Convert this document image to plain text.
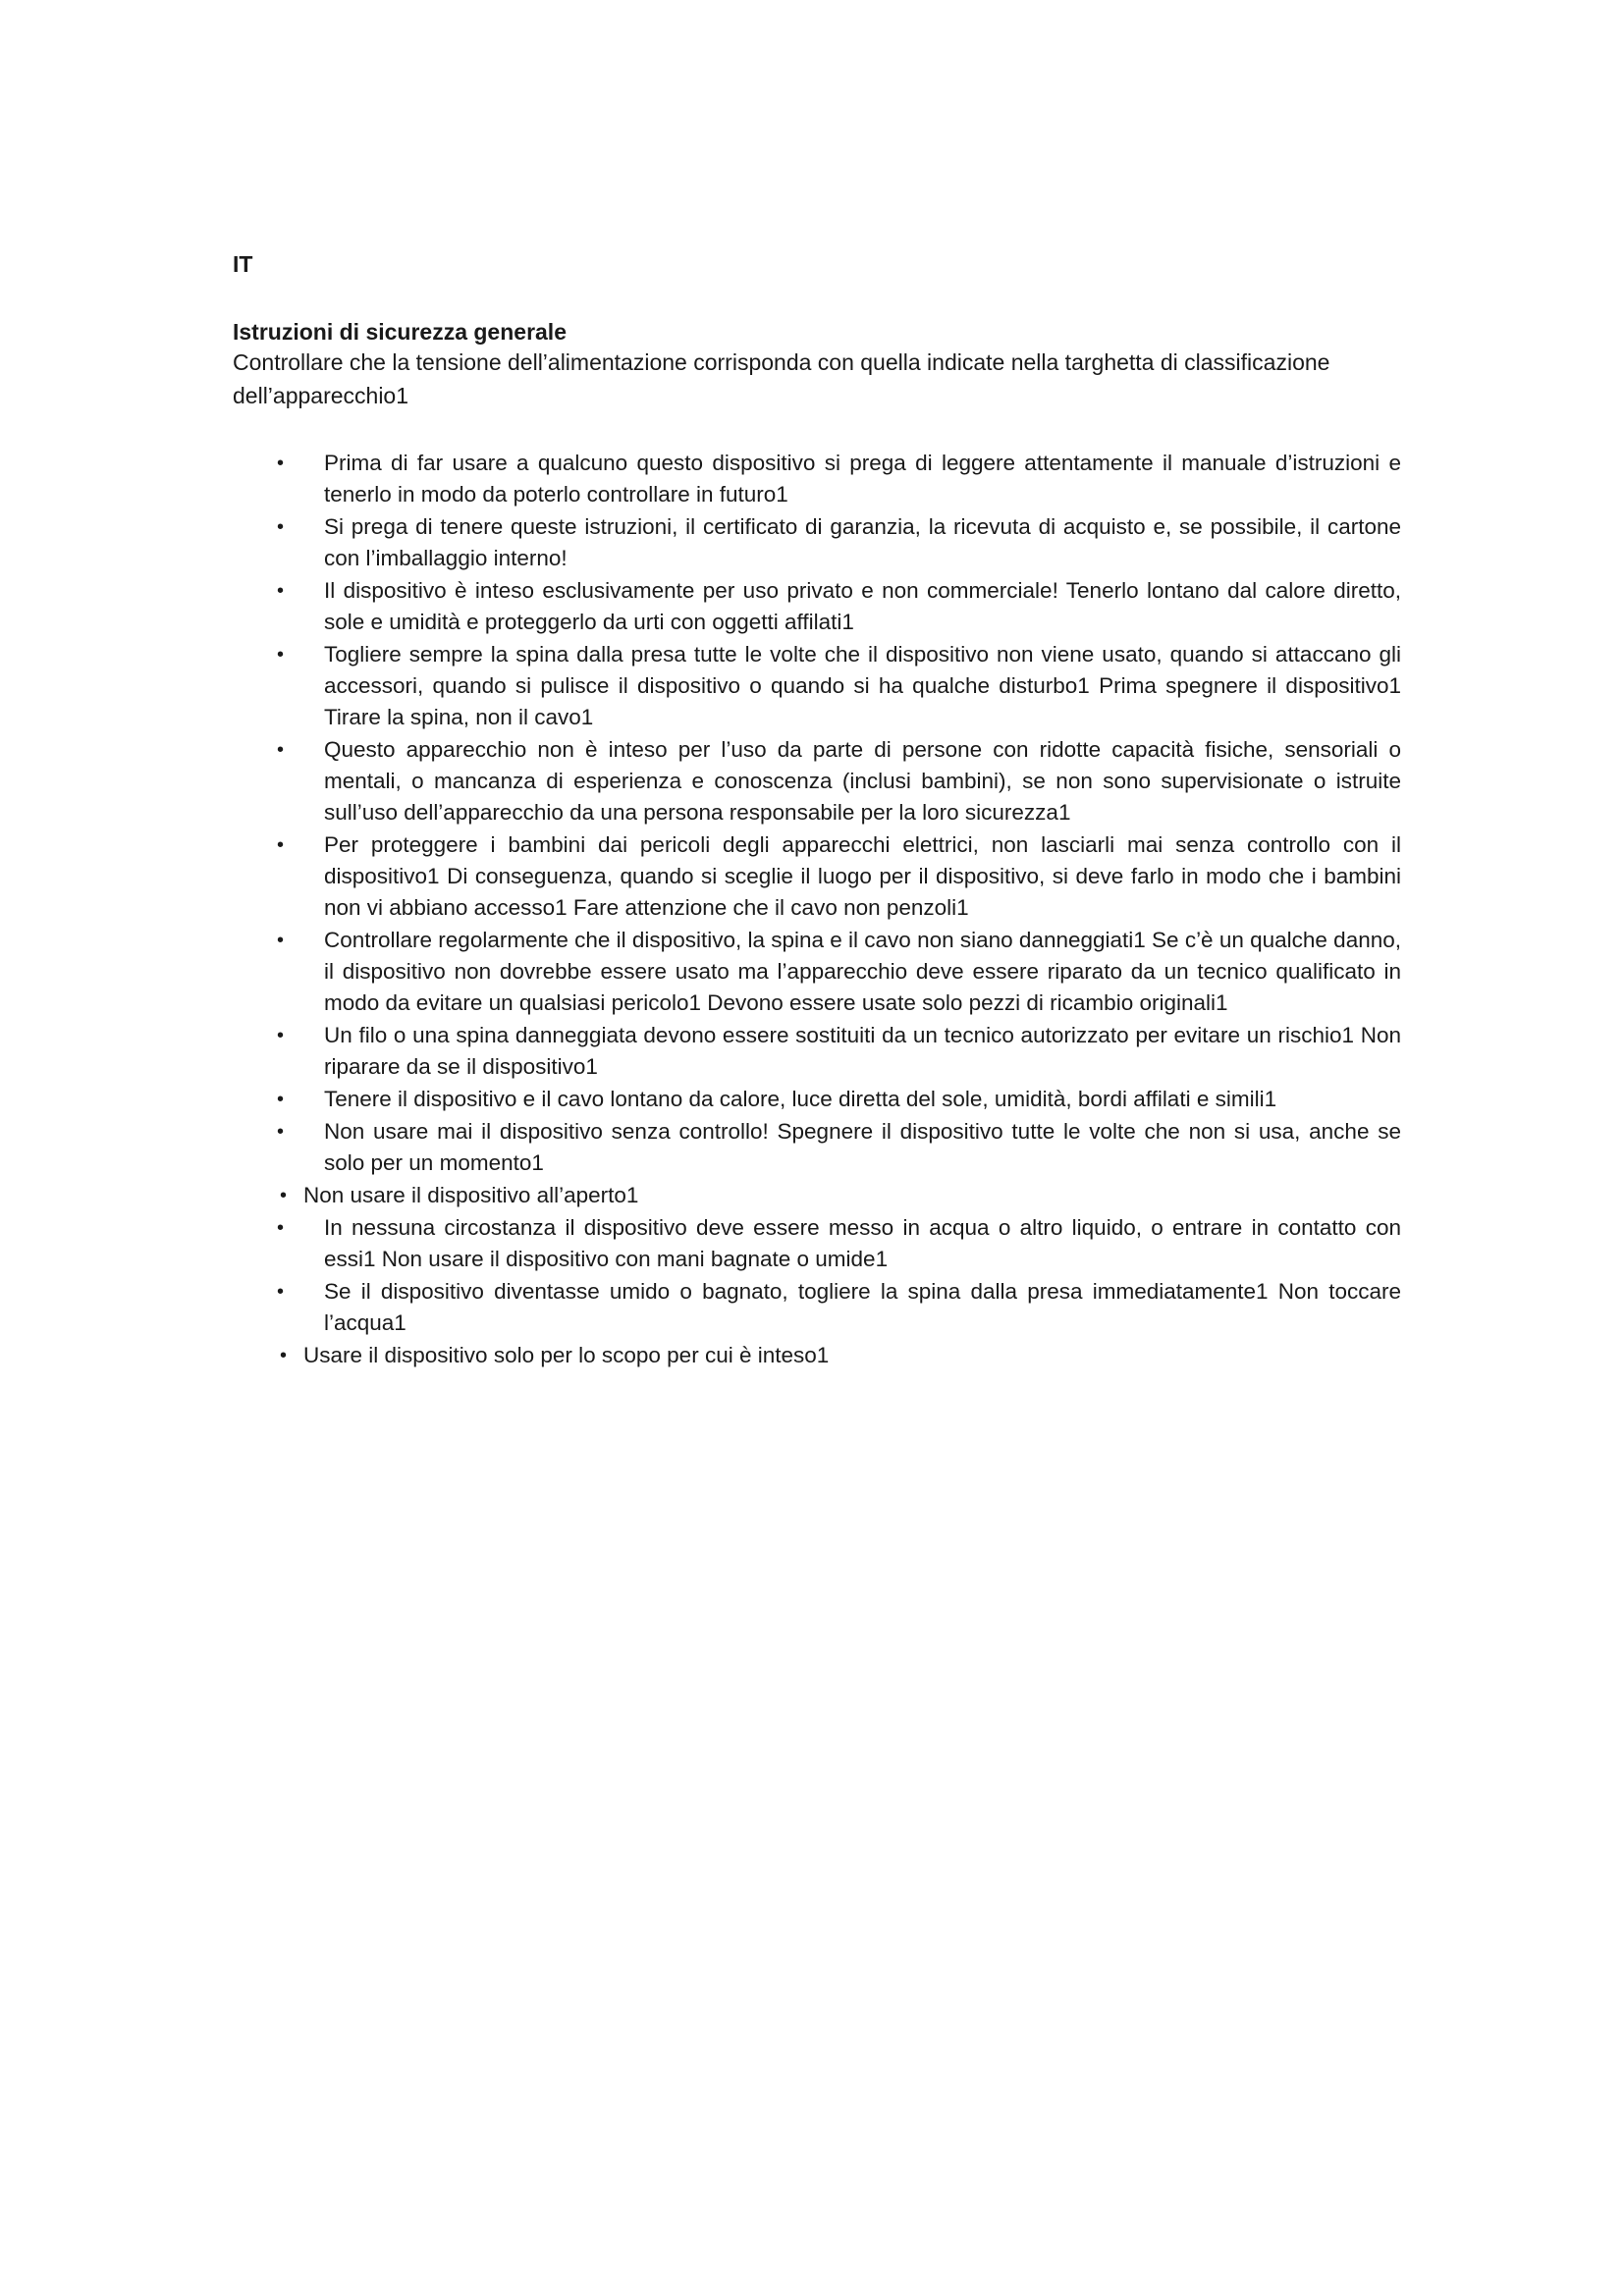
IT

Istruzioni di sicurezza generale

Controllare che la tensione dell’alimentazione corrisponda con quella indicate nella targhetta di classificazione dell’apparecchio1

• Prima di far usare a qualcuno questo dispositivo si prega di leggere attentamente il manuale d’istruzioni e tenerlo in modo da poterlo controllare in futuro1
• Si prega di tenere queste istruzioni, il certificato di garanzia, la ricevuta di acquisto e, se possibile, il cartone con l’imballaggio interno!
• Il dispositivo è inteso esclusivamente per uso privato e non commerciale! Tenerlo lontano dal calore diretto, sole e umidità e proteggerlo da urti con oggetti affilati1
• Togliere sempre la spina dalla presa tutte le volte che il dispositivo non viene usato, quando si attaccano gli accessori, quando si pulisce il dispositivo o quando si ha qualche disturbo1 Prima spegnere il dispositivo1 Tirare la spina, non il cavo1
• Questo apparecchio non è inteso per l’uso da parte di persone con ridotte capacità fisiche, sensoriali o mentali, o mancanza di esperienza e conoscenza (inclusi bambini), se non sono supervisionate o istruite sull’uso dell’apparecchio da una persona responsabile per la loro sicurezza1
• Per proteggere i bambini dai pericoli degli apparecchi elettrici, non lasciarli mai senza controllo con il dispositivo1 Di conseguenza, quando si sceglie il luogo per il dispositivo, si deve farlo in modo che i bambini non vi abbiano accesso1 Fare attenzione che il cavo non penzoli1
• Controllare regolarmente che il dispositivo, la spina e il cavo non siano danneggiati1 Se c’è un qualche danno, il dispositivo non dovrebbe essere usato ma l’apparecchio deve essere riparato da un tecnico qualificato in modo da evitare un qualsiasi pericolo1 Devono essere usate solo pezzi di ricambio originali1
• Un filo o una spina danneggiata devono essere sostituiti da un tecnico autorizzato per evitare un rischio1 Non riparare da se il dispositivo1
• Tenere il dispositivo e il cavo lontano da calore, luce diretta del sole, umidità, bordi affilati e simili1
• Non usare mai il dispositivo senza controllo! Spegnere il dispositivo tutte le volte che non si usa, anche se solo per un momento1
• Non usare il dispositivo all’aperto1
• In nessuna circostanza il dispositivo deve essere messo in acqua o altro liquido, o entrare in contatto con essi1 Non usare il dispositivo con mani bagnate o umide1
• Se il dispositivo diventasse umido o bagnato, togliere la spina dalla presa immediatamente1 Non toccare l’acqua1
• Usare il dispositivo solo per lo scopo per cui è inteso1
